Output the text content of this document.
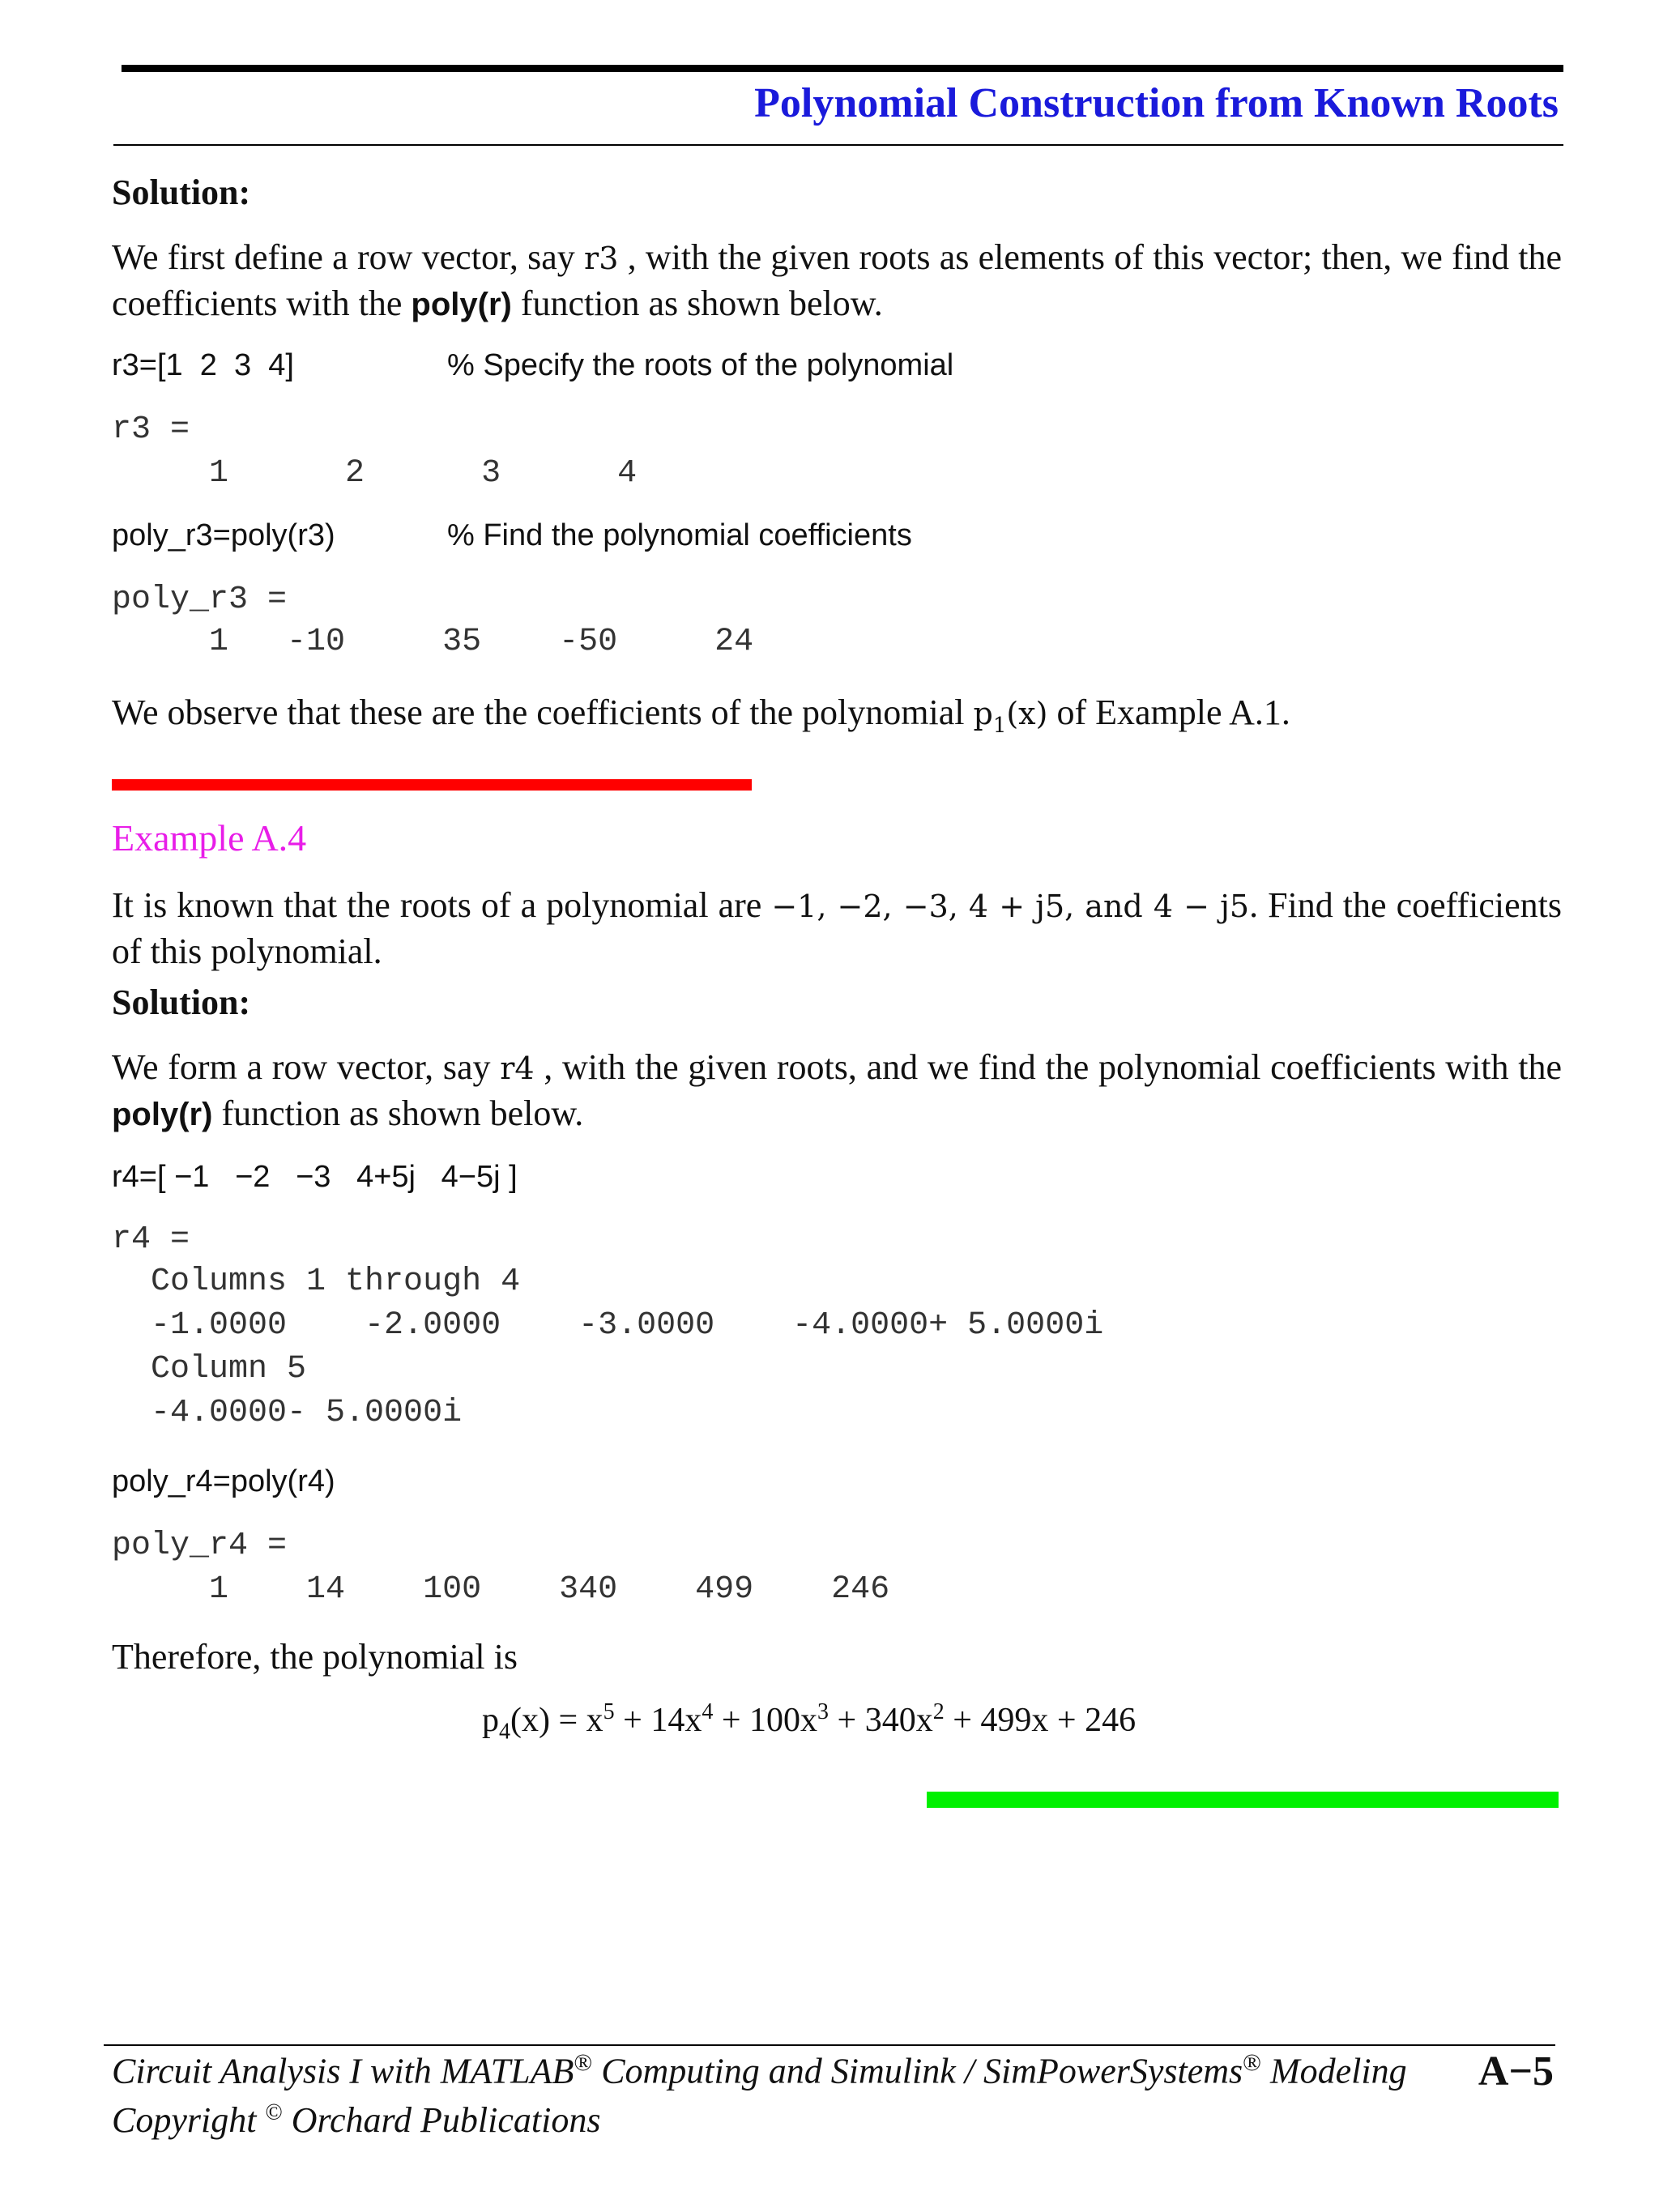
Polynomial Construction from Known Roots
Solution:

We first define a row vector, say r3 , with the given roots as elements of this vector; then, we find the coefficients with the poly(r) function as shown below.

r3=[1  2  3  4]	% Specify the roots of the polynomial
r3 =
1      2      3      4
poly_r3=poly(r3)	% Find the polynomial coefficients
poly_r3 =
1   -10     35    -50     24

We observe that these are the coefficients of the polynomial $p_1(x)$ of Example A.1.

Example A.4

It is known that the roots of a polynomial are −1, −2, −3, 4 + j5, and 4 − j5. Find the coefficients of this polynomial.

Solution:

We form a row vector, say r4 , with the given roots, and we find the polynomial coefficients with the poly(r) function as shown below.

r4=[ −1   −2   −3   4+5j   4−5j ]
r4 =
Columns 1 through 4
-1.0000    -2.0000    -3.0000    -4.0000+ 5.0000i
Column 5
-4.0000- 5.0000i
poly_r4=poly(r4)
poly_r4 =
1    14    100    340    499    246
Therefore, the polynomial is
$p_4(x) = x^5 + 14x^4 + 100x^3 + 340x^2 + 499x + 246$
Circuit Analysis I with MATLAB® Computing and Simulink / SimPowerSystems® Modeling
Copyright © Orchard Publications
A−5
